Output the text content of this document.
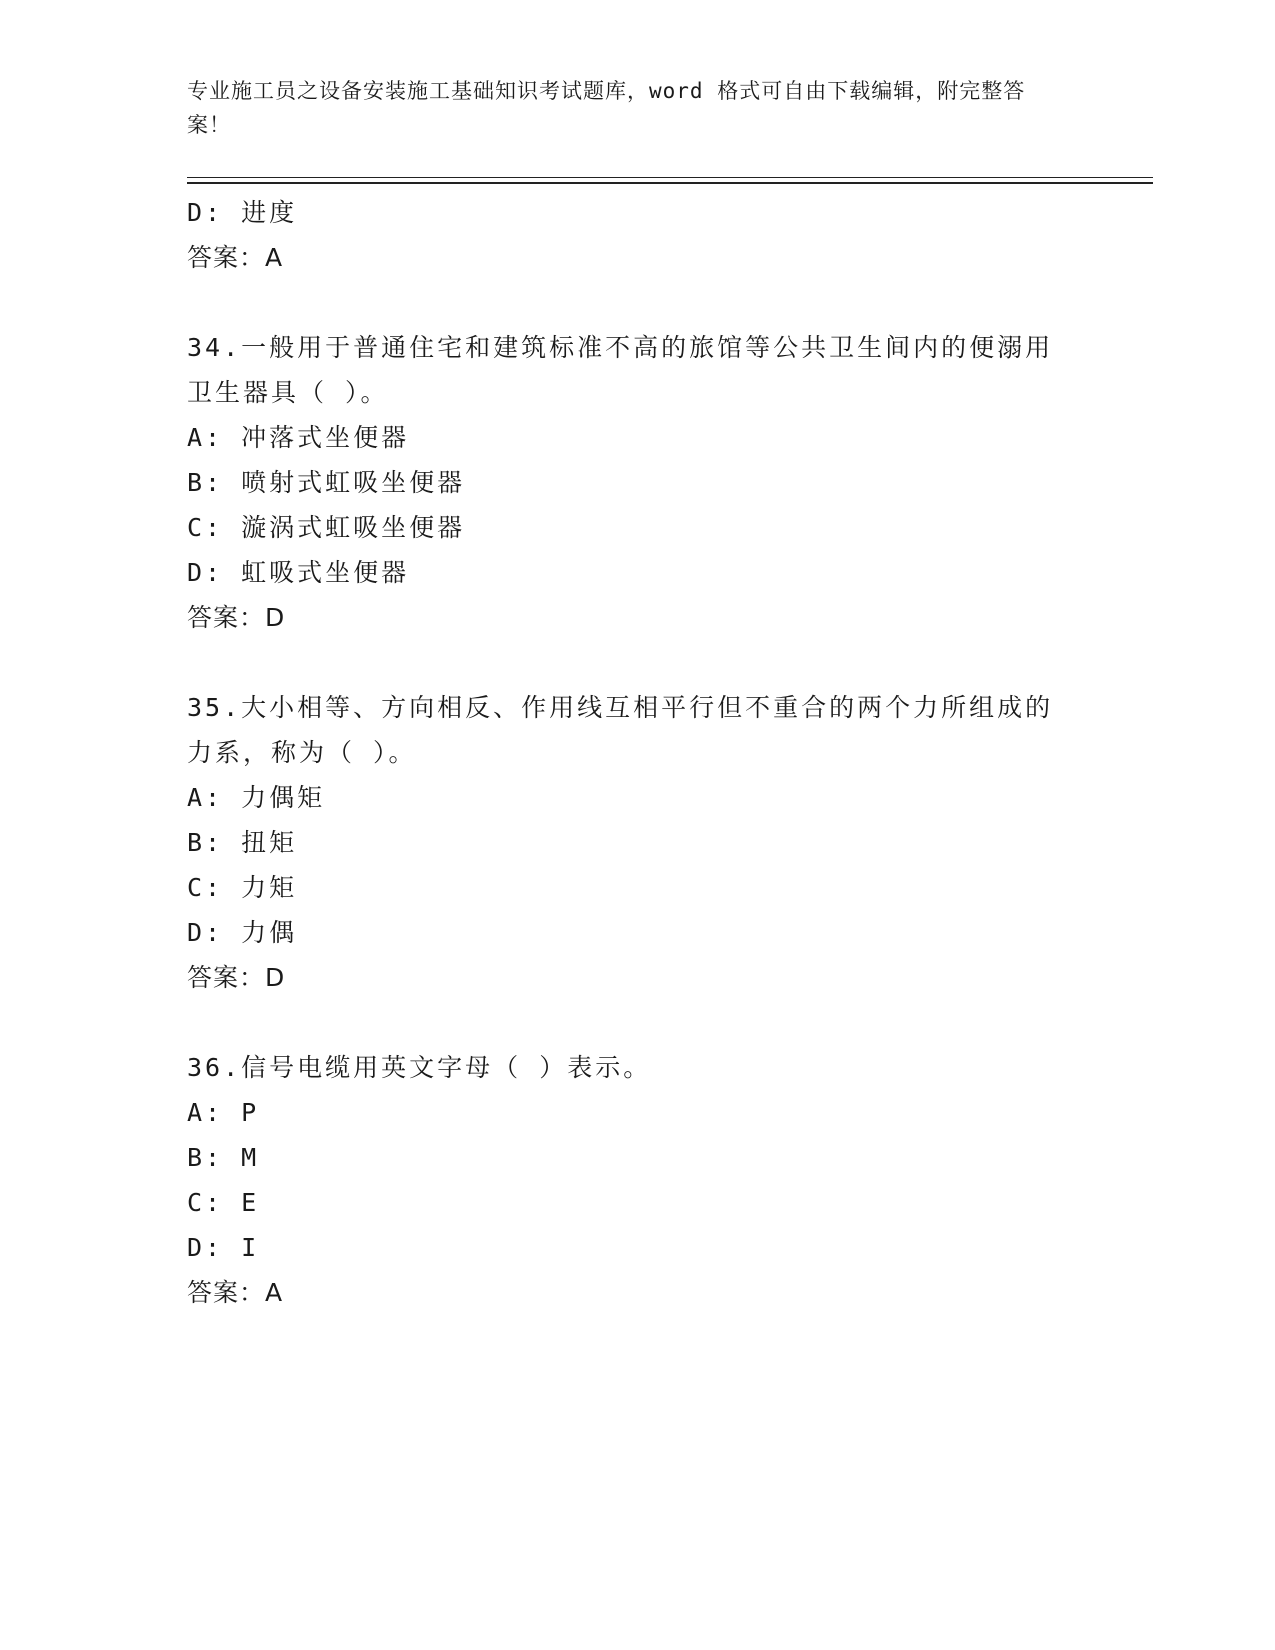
专业施工员之设备安装施工基础知识考试题库，word 格式可自由下载编辑，附完整答案！
D: 进度
答案：A
34.一般用于普通住宅和建筑标准不高的旅馆等公共卫生间内的便溺用卫生器具（ ）。
A: 冲落式坐便器
B: 喷射式虹吸坐便器
C: 漩涡式虹吸坐便器
D: 虹吸式坐便器
答案：D
35.大小相等、方向相反、作用线互相平行但不重合的两个力所组成的力系，称为（ ）。
A: 力偶矩
B: 扭矩
C: 力矩
D: 力偶
答案：D
36.信号电缆用英文字母（ ）表示。
A: P
B: M
C: E
D: I
答案：A
